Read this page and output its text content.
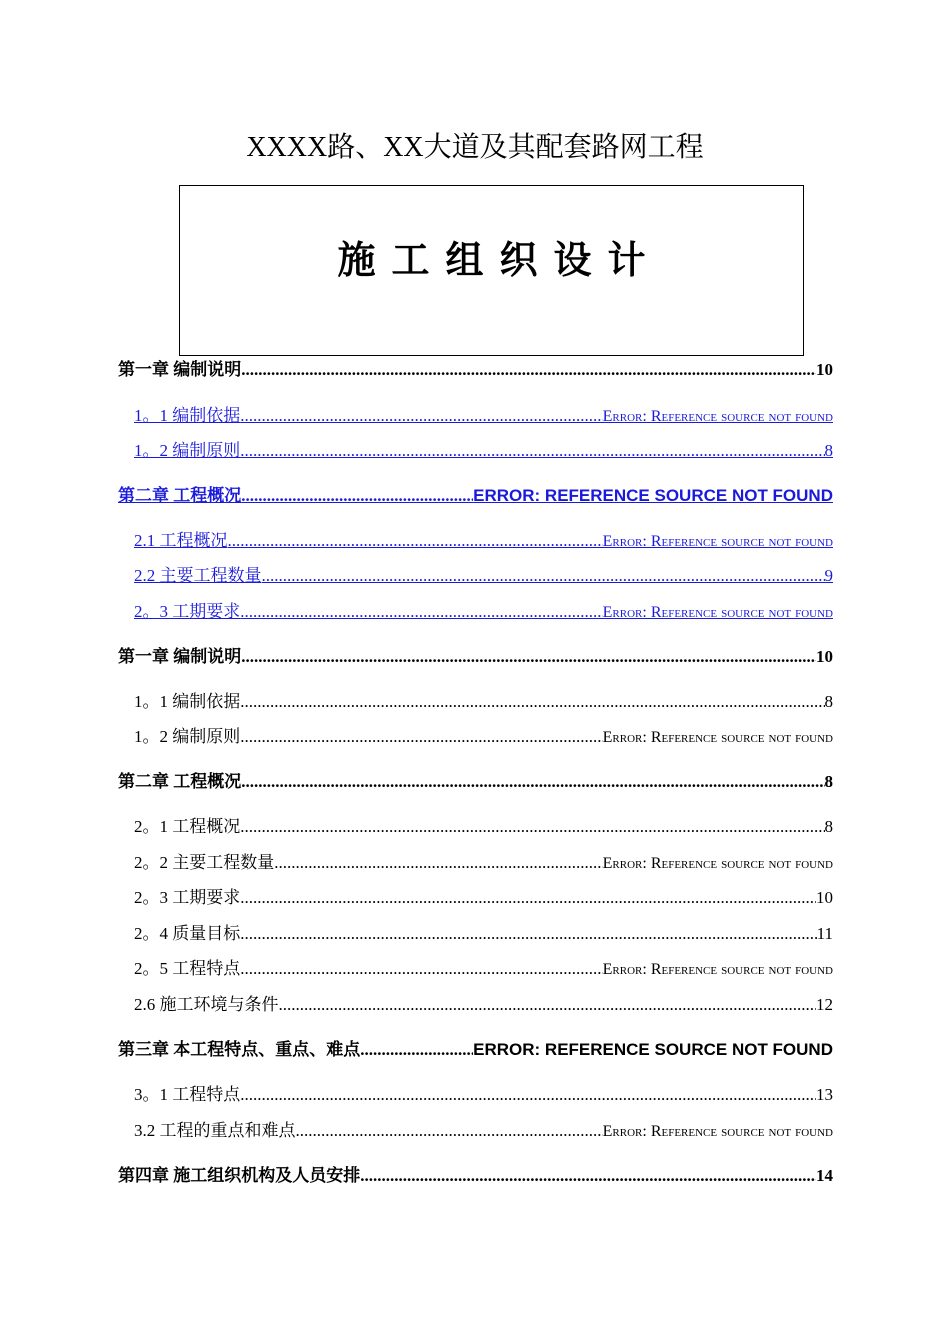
XXXX路、XX大道及其配套路网工程
施工组织设计
第一章 编制说明 .....	10
1。1 编制依据 .....	Error: Reference source not found
1。2 编制原则 .....	8
第二章 工程概况 .....	ERROR: REFERENCE SOURCE NOT FOUND
2.1 工程概况 .....	Error: Reference source not found
2.2 主要工程数量 .....	9
2。3 工期要求 .....	Error: Reference source not found
第一章 编制说明 .....	10
1。1 编制依据 .....	8
1。2 编制原则 .....	Error: Reference source not found
第二章 工程概况 .....	8
2。1 工程概况 .....	8
2。2 主要工程数量 .....	Error: Reference source not found
2。3 工期要求 .....	10
2。4 质量目标 .....	11
2。5 工程特点 .....	Error: Reference source not found
2.6 施工环境与条件 .....	12
第三章 本工程特点、重点、难点 .....	ERROR: REFERENCE SOURCE NOT FOUND
3。1 工程特点 .....	13
3.2 工程的重点和难点 .....	Error: Reference source not found
第四章 施工组织机构及人员安排 .....	14
